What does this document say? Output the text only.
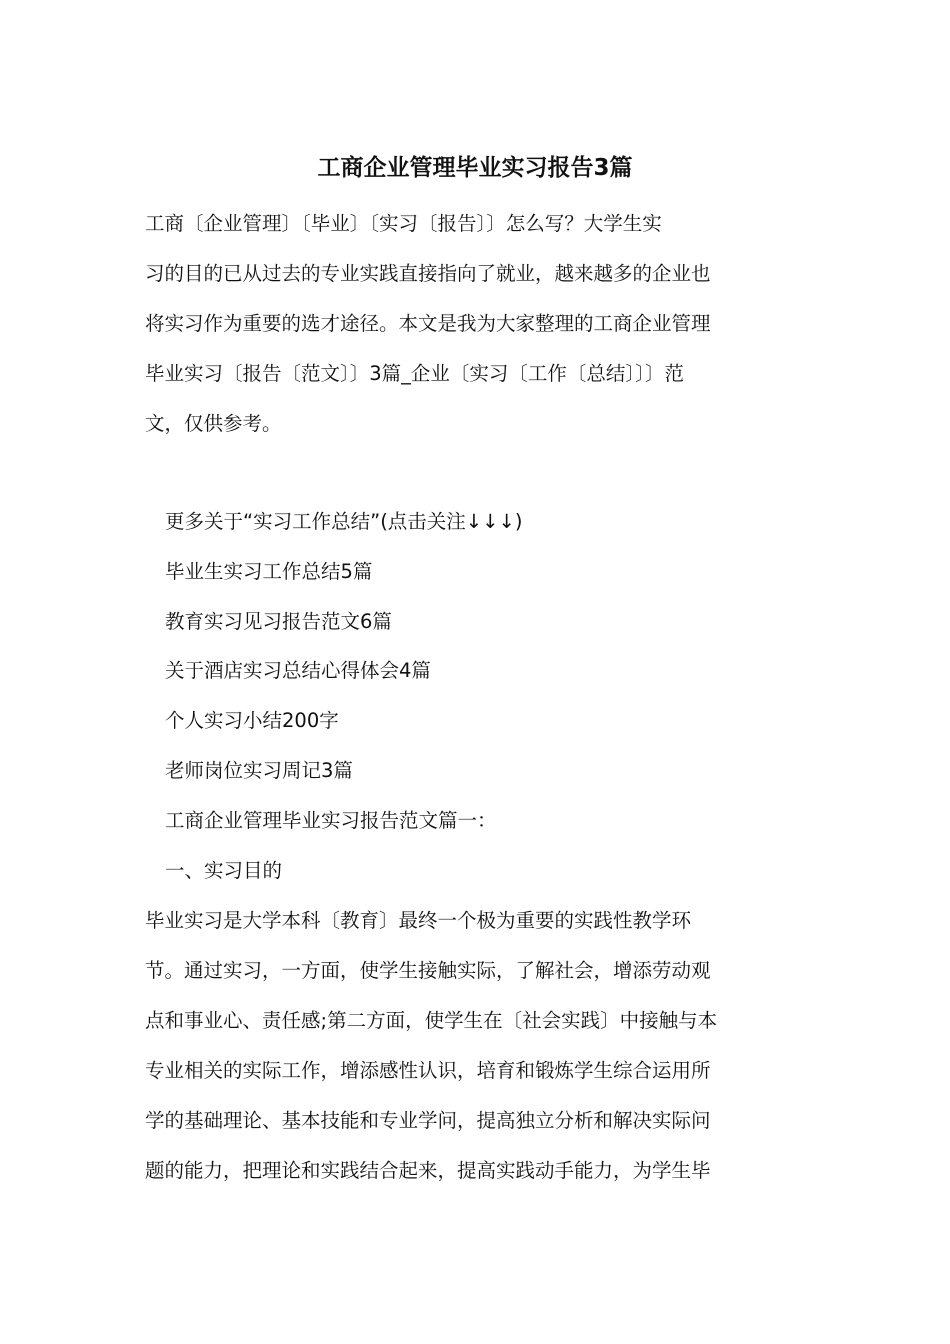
工商企业管理毕业实习报告3篇

工商〔企业管理〕〔毕业〕〔实习〔报告〕〕怎么写？大学生实
习的目的已从过去的专业实践直接指向了就业，越来越多的企业也
将实习作为重要的选才途径。本文是我为大家整理的工商企业管理
毕业实习〔报告〔范文〕〕3篇_企业〔实习〔工作〔总结〕〕〕范
文，仅供参考。

更多关于“实习工作总结”(点击关注↓↓↓)
毕业生实习工作总结5篇
教育实习见习报告范文6篇
关于酒店实习总结心得体会4篇
个人实习小结200字
老师岗位实习周记3篇
工商企业管理毕业实习报告范文篇一：
一、实习目的

毕业实习是大学本科〔教育〕最终一个极为重要的实践性教学环
节。通过实习，一方面，使学生接触实际，了解社会，增添劳动观
点和事业心、责任感;第二方面，使学生在〔社会实践〕中接触与本
专业相关的实际工作，增添感性认识，培育和锻炼学生综合运用所
学的基础理论、基本技能和专业学问，提高独立分析和解决实际问
题的能力，把理论和实践结合起来，提高实践动手能力，为学生毕
